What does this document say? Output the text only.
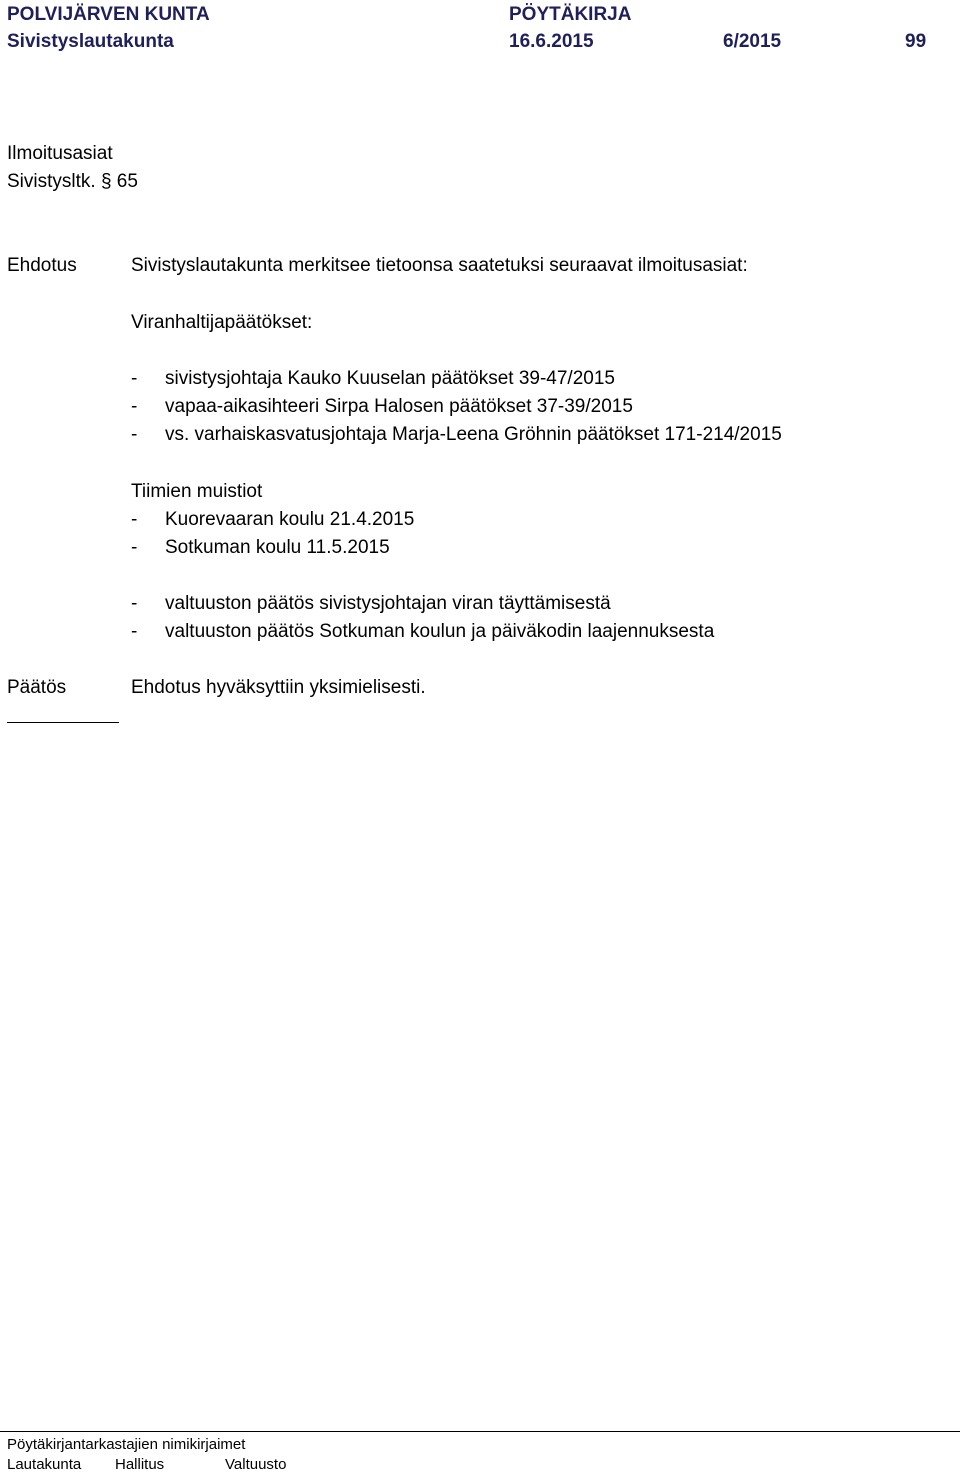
POLVIJÄRVEN KUNTA	PÖYTÄKIRJA
Sivistyslautakunta	16.6.2015	6/2015	99
Ilmoitusasiat
Sivistysltk. § 65
Ehdotus	Sivistyslautakunta merkitsee tietoonsa saatetuksi seuraavat ilmoitusasiat:
Viranhaltijapäätökset:
- sivistysjohtaja Kauko Kuuselan päätökset 39-47/2015
- vapaa-aikasihteeri Sirpa Halosen päätökset 37-39/2015
- vs. varhaiskasvatusjohtaja Marja-Leena Gröhnin päätökset 171-214/2015
Tiimien muistiot
- Kuorevaaran koulu 21.4.2015
- Sotkuman koulu 11.5.2015
- valtuuston päätös sivistysjohtajan viran täyttämisestä
- valtuuston päätös Sotkuman koulun ja päiväkodin laajennuksesta
Päätös	Ehdotus hyväksyttiin yksimielisesti.
Pöytäkirjantarkastajien nimikirjaimet
Lautakunta Hallitus	Valtuusto
